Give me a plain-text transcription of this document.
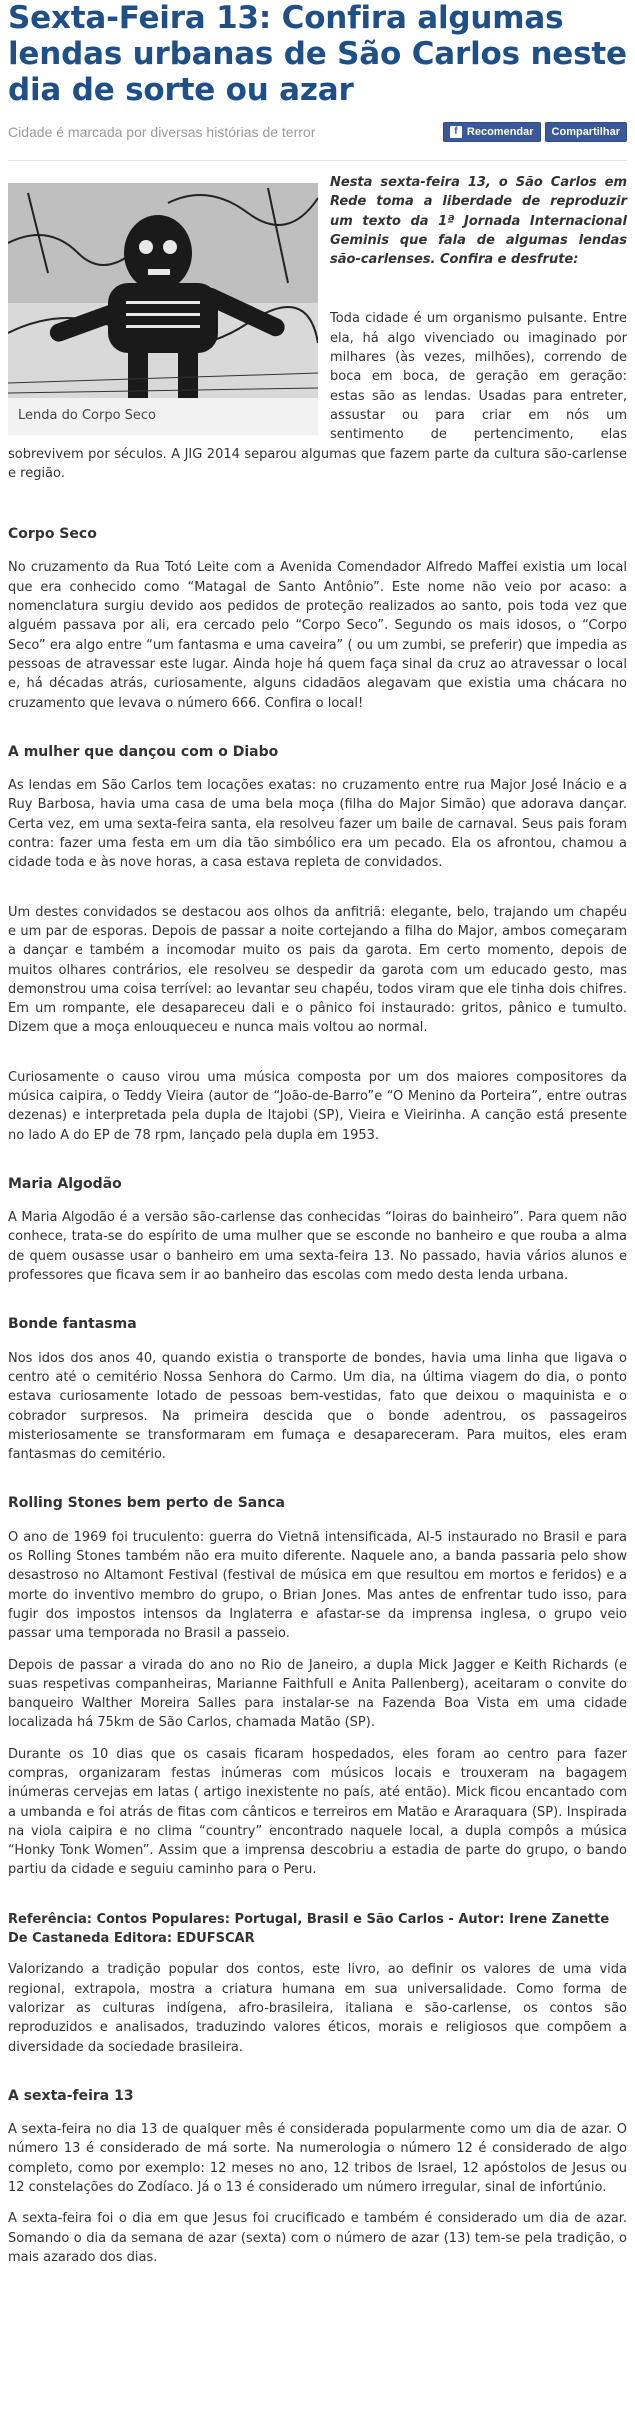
Sexta-Feira 13: Confira algumas lendas urbanas de São Carlos neste dia de sorte ou azar
Cidade é marcada por diversas histórias de terror	f Recomendar Compartilhar
Lenda do Corpo Seco

Nesta sexta-feira 13, o São Carlos em Rede toma a liberdade de reproduzir um texto da 1ª Jornada Internacional Geminis que fala de algumas lendas são-carlenses. Confira e desfrute:

Toda cidade é um organismo pulsante. Entre ela, há algo vivenciado ou imaginado por milhares (às vezes, milhões), correndo de boca em boca, de geração em geração: estas são as lendas. Usadas para entreter, assustar ou para criar em nós um sentimento de pertencimento, elas sobrevivem por séculos. A JIG 2014 separou algumas que fazem parte da cultura são-carlense e região.

Corpo Seco

No cruzamento da Rua Totó Leite com a Avenida Comendador Alfredo Maffei existia um local que era conhecido como “Matagal de Santo Antônio”. Este nome não veio por acaso: a nomenclatura surgiu devido aos pedidos de proteção realizados ao santo, pois toda vez que alguém passava por ali, era cercado pelo “Corpo Seco”. Segundo os mais idosos, o “Corpo Seco” era algo entre “um fantasma e uma caveira” ( ou um zumbi, se preferir) que impedia as pessoas de atravessar este lugar. Ainda hoje há quem faça sinal da cruz ao atravessar o local e, há décadas atrás, curiosamente, alguns cidadãos alegavam que existia uma chácara no cruzamento que levava o número 666. Confira o local!

A mulher que dançou com o Diabo

As lendas em São Carlos tem locações exatas: no cruzamento entre rua Major José Inácio e a Ruy Barbosa, havia uma casa de uma bela moça (filha do Major Simão) que adorava dançar. Certa vez, em uma sexta-feira santa, ela resolveu fazer um baile de carnaval. Seus pais foram contra: fazer uma festa em um dia tão simbólico era um pecado. Ela os afrontou, chamou a cidade toda e às nove horas, a casa estava repleta de convidados.

Um destes convidados se destacou aos olhos da anfitriã: elegante, belo, trajando um chapéu e um par de esporas. Depois de passar a noite cortejando a filha do Major, ambos começaram a dançar e também a incomodar muito os pais da garota. Em certo momento, depois de muitos olhares contrários, ele resolveu se despedir da garota com um educado gesto, mas demonstrou uma coisa terrível: ao levantar seu chapéu, todos viram que ele tinha dois chifres. Em um rompante, ele desapareceu dali e o pânico foi instaurado: gritos, pânico e tumulto. Dizem que a moça enlouqueceu e nunca mais voltou ao normal.

Curiosamente o causo virou uma música composta por um dos maiores compositores da música caipira, o Teddy Vieira (autor de “João-de-Barro”e “O Menino da Porteira”, entre outras dezenas) e interpretada pela dupla de Itajobi (SP), Vieira e Vieirinha. A canção está presente no lado A do EP de 78 rpm, lançado pela dupla em 1953.

Maria Algodão

A Maria Algodão é a versão são-carlense das conhecidas “loiras do bainheiro”. Para quem não conhece, trata-se do espírito de uma mulher que se esconde no banheiro e que rouba a alma de quem ousasse usar o banheiro em uma sexta-feira 13. No passado, havia vários alunos e professores que ficava sem ir ao banheiro das escolas com medo desta lenda urbana.

Bonde fantasma

Nos idos dos anos 40, quando existia o transporte de bondes, havia uma linha que ligava o centro até o cemitério Nossa Senhora do Carmo. Um dia, na última viagem do dia, o ponto estava curiosamente lotado de pessoas bem-vestidas, fato que deixou o maquinista e o cobrador surpresos. Na primeira descida que o bonde adentrou, os passageiros misteriosamente se transformaram em fumaça e desapareceram. Para muitos, eles eram fantasmas do cemitério.

Rolling Stones bem perto de Sanca

O ano de 1969 foi truculento: guerra do Vietnã intensificada, AI-5 instaurado no Brasil e para os Rolling Stones também não era muito diferente. Naquele ano, a banda passaria pelo show desastroso no Altamont Festival (festival de música em que resultou em mortos e feridos) e a morte do inventivo membro do grupo, o Brian Jones. Mas antes de enfrentar tudo isso, para fugir dos impostos intensos da Inglaterra e afastar-se da imprensa inglesa, o grupo veio passar uma temporada no Brasil a passeio.

Depois de passar a virada do ano no Rio de Janeiro, a dupla Mick Jagger e Keith Richards (e suas respetivas companheiras, Marianne Faithfull e Anita Pallenberg), aceitaram o convite do banqueiro Walther Moreira Salles para instalar-se na Fazenda Boa Vista em uma cidade localizada há 75km de São Carlos, chamada Matão (SP).

Durante os 10 dias que os casais ficaram hospedados, eles foram ao centro para fazer compras, organizaram festas inúmeras com músicos locais e trouxeram na bagagem inúmeras cervejas em latas ( artigo inexistente no país, até então). Mick ficou encantado com a umbanda e foi atrás de fitas com cânticos e terreiros em Matão e Araraquara (SP). Inspirada na viola caipira e no clima “country” encontrado naquele local, a dupla compôs a música “Honky Tonk Women”. Assim que a imprensa descobriu a estadia de parte do grupo, o bando partiu da cidade e seguiu caminho para o Peru.

Referência: Contos Populares: Portugal, Brasil e São Carlos - Autor: Irene Zanette De Castaneda Editora: EDUFSCAR

Valorizando a tradição popular dos contos, este livro, ao definir os valores de uma vida regional, extrapola, mostra a criatura humana em sua universalidade. Como forma de valorizar as culturas indígena, afro-brasileira, italiana e são-carlense, os contos são reproduzidos e analisados, traduzindo valores éticos, morais e religiosos que compõem a diversidade da sociedade brasileira.

A sexta-feira 13

A sexta-feira no dia 13 de qualquer mês é considerada popularmente como um dia de azar. O número 13 é considerado de má sorte. Na numerologia o número 12 é considerado de algo completo, como por exemplo: 12 meses no ano, 12 tribos de Israel, 12 apóstolos de Jesus ou 12 constelações do Zodíaco. Já o 13 é considerado um número irregular, sinal de infortúnio.

A sexta-feira foi o dia em que Jesus foi crucificado e também é considerado um dia de azar. Somando o dia da semana de azar (sexta) com o número de azar (13) tem-se pela tradição, o mais azarado dos dias.
